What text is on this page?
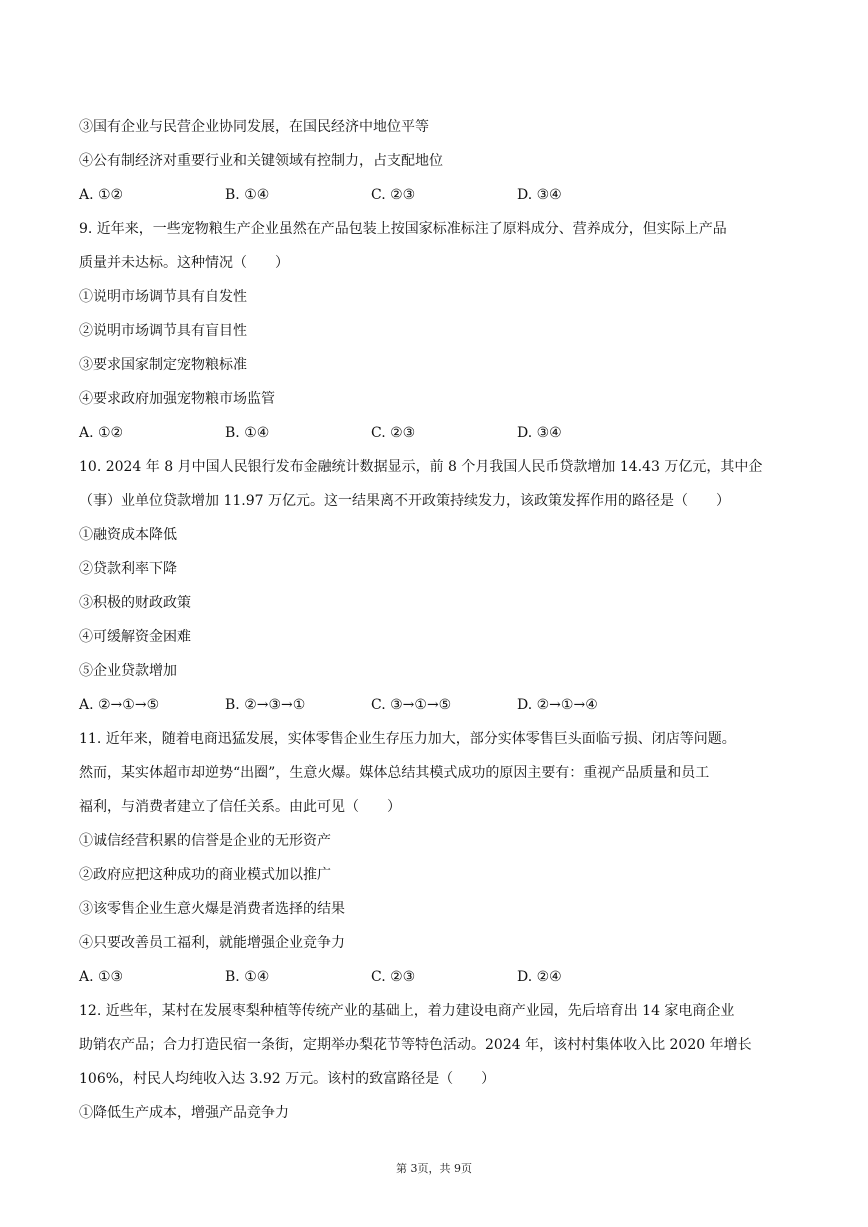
③国有企业与民营企业协同发展，在国民经济中地位平等
④公有制经济对重要行业和关键领域有控制力，占支配地位
A. ①②	B. ①④	C. ②③	D. ③④
9. 近年来，一些宠物粮生产企业虽然在产品包装上按国家标准标注了原料成分、营养成分，但实际上产品
质量并未达标。这种情况（　　）
①说明市场调节具有自发性
②说明市场调节具有盲目性
③要求国家制定宠物粮标准
④要求政府加强宠物粮市场监管
A. ①②	B. ①④	C. ②③	D. ③④
10. 2024 年 8 月中国人民银行发布金融统计数据显示，前 8 个月我国人民币贷款增加 14.43 万亿元，其中企
（事）业单位贷款增加 11.97 万亿元。这一结果离不开政策持续发力，该政策发挥作用的路径是（　　）
①融资成本降低
②贷款利率下降
③积极的财政政策
④可缓解资金困难
⑤企业贷款增加
A. ②→①→⑤	B. ②→③→①	C. ③→①→⑤	D. ②→①→④
11. 近年来，随着电商迅猛发展，实体零售企业生存压力加大，部分实体零售巨头面临亏损、闭店等问题。
然而，某实体超市却逆势“出圈”，生意火爆。媒体总结其模式成功的原因主要有：重视产品质量和员工
福利，与消费者建立了信任关系。由此可见（　　）
①诚信经营积累的信誉是企业的无形资产
②政府应把这种成功的商业模式加以推广
③该零售企业生意火爆是消费者选择的结果
④只要改善员工福利，就能增强企业竞争力
A. ①③	B. ①④	C. ②③	D. ②④
12. 近些年，某村在发展枣梨种植等传统产业的基础上，着力建设电商产业园，先后培育出 14 家电商企业
助销农产品；合力打造民宿一条街，定期举办梨花节等特色活动。2024 年，该村村集体收入比 2020 年增长
106%，村民人均纯收入达 3.92 万元。该村的致富路径是（　　）
①降低生产成本，增强产品竞争力
第 3页，共 9页
